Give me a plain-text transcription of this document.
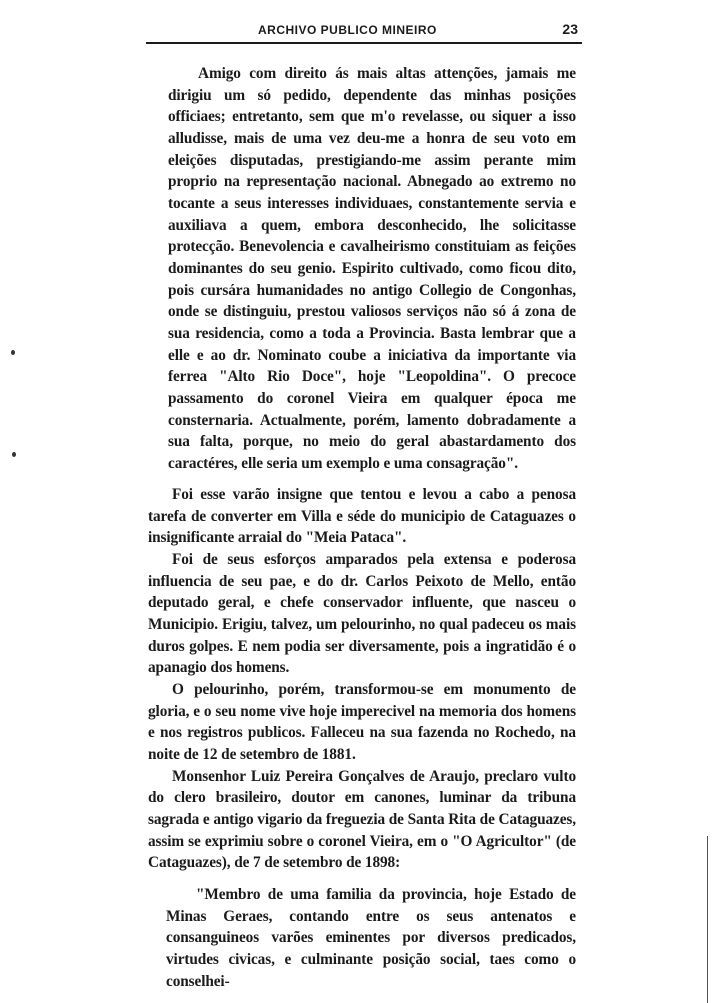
ARCHIVO PUBLICO MINEIRO	23

Amigo com direito ás mais altas attenções, jamais me dirigiu um só pedido, dependente das minhas posições officiaes; entretanto, sem que m'o revelasse, ou siquer a isso alludisse, mais de uma vez deu-me a honra de seu voto em eleições disputadas, prestigiando-me assim perante mim proprio na representação nacional. Abnegado ao extremo no tocante a seus interesses individuaes, constantemente servia e auxiliava a quem, embora desconhecido, lhe solicitasse protecção. Benevolencia e cavalheirismo constituiam as feições dominantes do seu genio. Espirito cultivado, como ficou dito, pois cursára humanidades no antigo Collegio de Congonhas, onde se distinguiu, prestou valiosos serviços não só á zona de sua residencia, como a toda a Provincia. Basta lembrar que a elle e ao dr. Nominato coube a iniciativa da importante via ferrea "Alto Rio Doce", hoje "Leopoldina". O precoce passamento do coronel Vieira em qualquer época me consternaria. Actualmente, porém, lamento dobradamente a sua falta, porque, no meio do geral abastardamento dos caractéres, elle seria um exemplo e uma consagração".

Foi esse varão insigne que tentou e levou a cabo a penosa tarefa de converter em Villa e séde do municipio de Cataguazes o insignificante arraial do "Meia Pataca".

Foi de seus esforços amparados pela extensa e poderosa influencia de seu pae, e do dr. Carlos Peixoto de Mello, então deputado geral, e chefe conservador influente, que nasceu o Municipio. Erigiu, talvez, um pelourinho, no qual padeceu os mais duros golpes. E nem podia ser diversamente, pois a ingratidão é o apanagio dos homens.

O pelourinho, porém, transformou-se em monumento de gloria, e o seu nome vive hoje imperecivel na memoria dos homens e nos registros publicos. Falleceu na sua fazenda no Rochedo, na noite de 12 de setembro de 1881.

Monsenhor Luiz Pereira Gonçalves de Araujo, preclaro vulto do clero brasileiro, doutor em canones, luminar da tribuna sagrada e antigo vigario da freguezia de Santa Rita de Cataguazes, assim se exprimiu sobre o coronel Vieira, em o "O Agricultor" (de Cataguazes), de 7 de setembro de 1898:

"Membro de uma familia da provincia, hoje Estado de Minas Geraes, contando entre os seus antenatos e consanguineos varões eminentes por diversos predicados, virtudes civicas, e culminante posição social, taes como o conselhei-
